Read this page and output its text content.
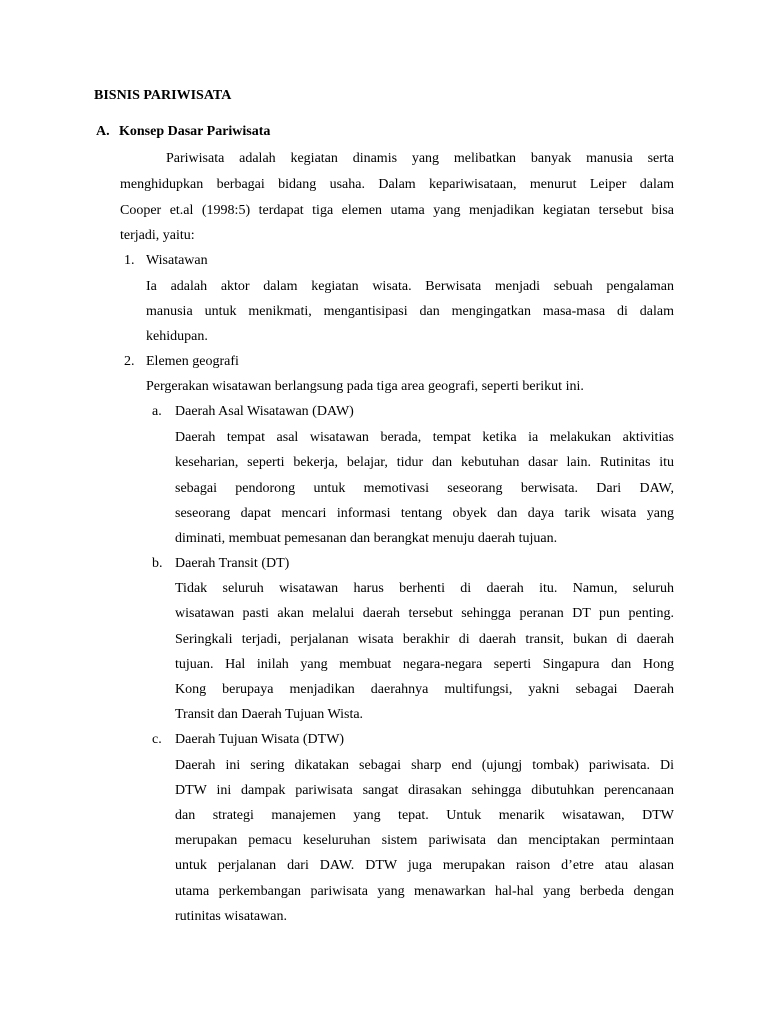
BISNIS PARIWISATA
A. Konsep Dasar Pariwisata
Pariwisata adalah kegiatan dinamis yang melibatkan banyak manusia serta
menghidupkan berbagai bidang usaha. Dalam kepariwisataan, menurut Leiper dalam
Cooper et.al (1998:5) terdapat tiga elemen utama yang menjadikan kegiatan tersebut bisa
terjadi, yaitu:
1. Wisatawan
Ia adalah aktor dalam kegiatan wisata. Berwisata menjadi sebuah pengalaman
manusia untuk menikmati, mengantisipasi dan mengingatkan masa-masa di dalam
kehidupan.
2. Elemen geografi
Pergerakan wisatawan berlangsung pada tiga area geografi, seperti berikut ini.
a. Daerah Asal Wisatawan (DAW)
Daerah tempat asal wisatawan berada, tempat ketika ia melakukan aktivitias
keseharian, seperti bekerja, belajar, tidur dan kebutuhan dasar lain. Rutinitas itu
sebagai pendorong untuk memotivasi seseorang berwisata. Dari DAW,
seseorang dapat mencari informasi tentang obyek dan daya tarik wisata yang
diminati, membuat pemesanan dan berangkat menuju daerah tujuan.
b. Daerah Transit (DT)
Tidak seluruh wisatawan harus berhenti di daerah itu. Namun, seluruh
wisatawan pasti akan melalui daerah tersebut sehingga peranan DT pun penting.
Seringkali terjadi, perjalanan wisata berakhir di daerah transit, bukan di daerah
tujuan. Hal inilah yang membuat negara-negara seperti Singapura dan Hong
Kong berupaya menjadikan daerahnya multifungsi, yakni sebagai Daerah
Transit dan Daerah Tujuan Wista.
c. Daerah Tujuan Wisata (DTW)
Daerah ini sering dikatakan sebagai sharp end (ujungj tombak) pariwisata. Di
DTW ini dampak pariwisata sangat dirasakan sehingga dibutuhkan perencanaan
dan strategi manajemen yang tepat. Untuk menarik wisatawan, DTW
merupakan pemacu keseluruhan sistem pariwisata dan menciptakan permintaan
untuk perjalanan dari DAW. DTW juga merupakan raison d’etre atau alasan
utama perkembangan pariwisata yang menawarkan hal-hal yang berbeda dengan
rutinitas wisatawan.
